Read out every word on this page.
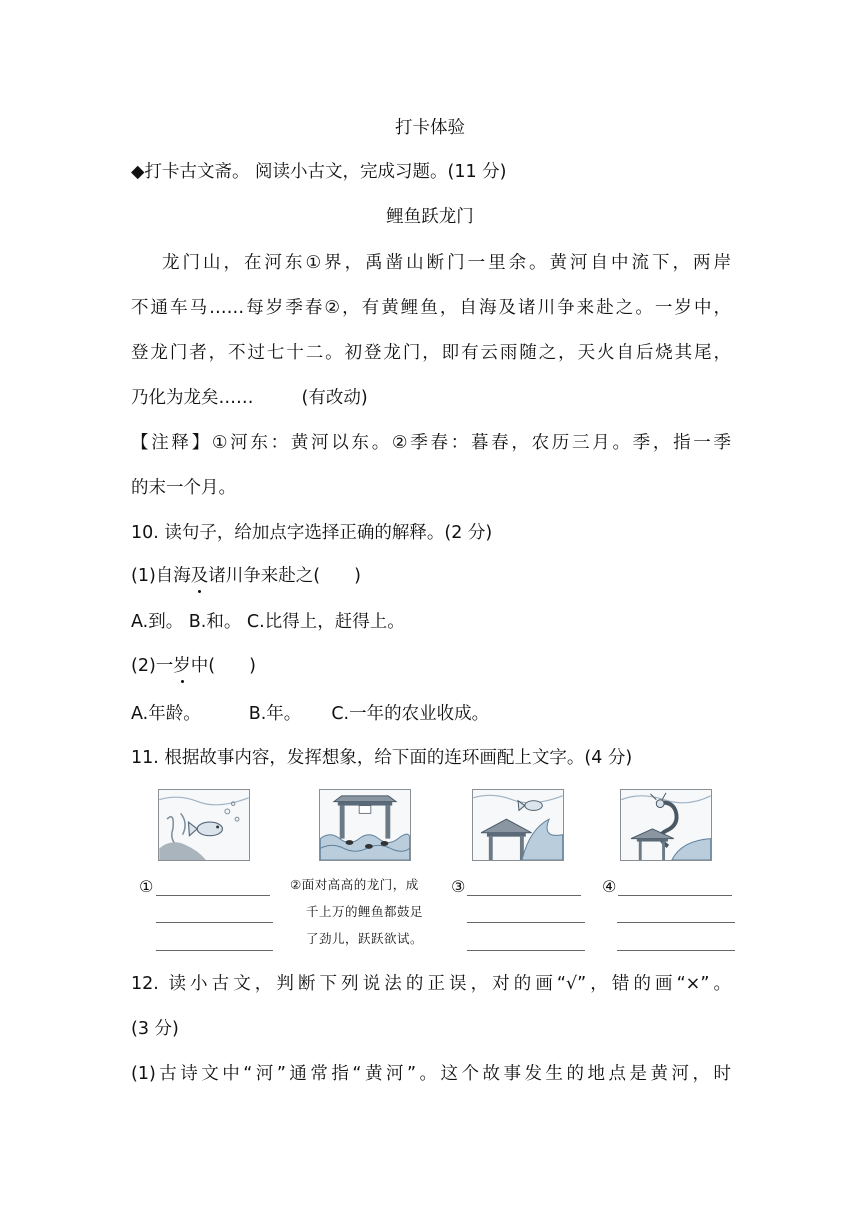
打卡体验
◆打卡古文斋。 阅读小古文，完成习题。(11 分)
鲤鱼跃龙门
龙门山，在河东①界，禹凿山断门一里余。黄河自中流下，两岸
不通车马……每岁季春②，有黄鲤鱼，自海及诸川争来赴之。一岁中，
登龙门者，不过七十二。初登龙门，即有云雨随之，天火自后烧其尾，
乃化为龙矣……	(有改动)
【注释】①河东：黄河以东。②季春：暮春，农历三月。季，指一季
的末一个月。
10. 读句子，给加点字选择正确的解释。(2 分)
(1)自海及诸川争来赴之( )
A.到。 B.和。 C.比得上，赶得上。
(2)一岁中( )
A.年龄。	B.年。 C.一年的农业收成。
11. 根据故事内容，发挥想象，给下面的连环画配上文字。(4 分)
①	②面对高高的龙门，成
千上万的鲤鱼都鼓足
了劲儿，跃跃欲试。
③	④
12. 读小古文，判断下列说法的正误，对的画“√”，错的画“×”。
(3 分)
(1)古诗文中“河”通常指“黄河”。这个故事发生的地点是黄河，时
